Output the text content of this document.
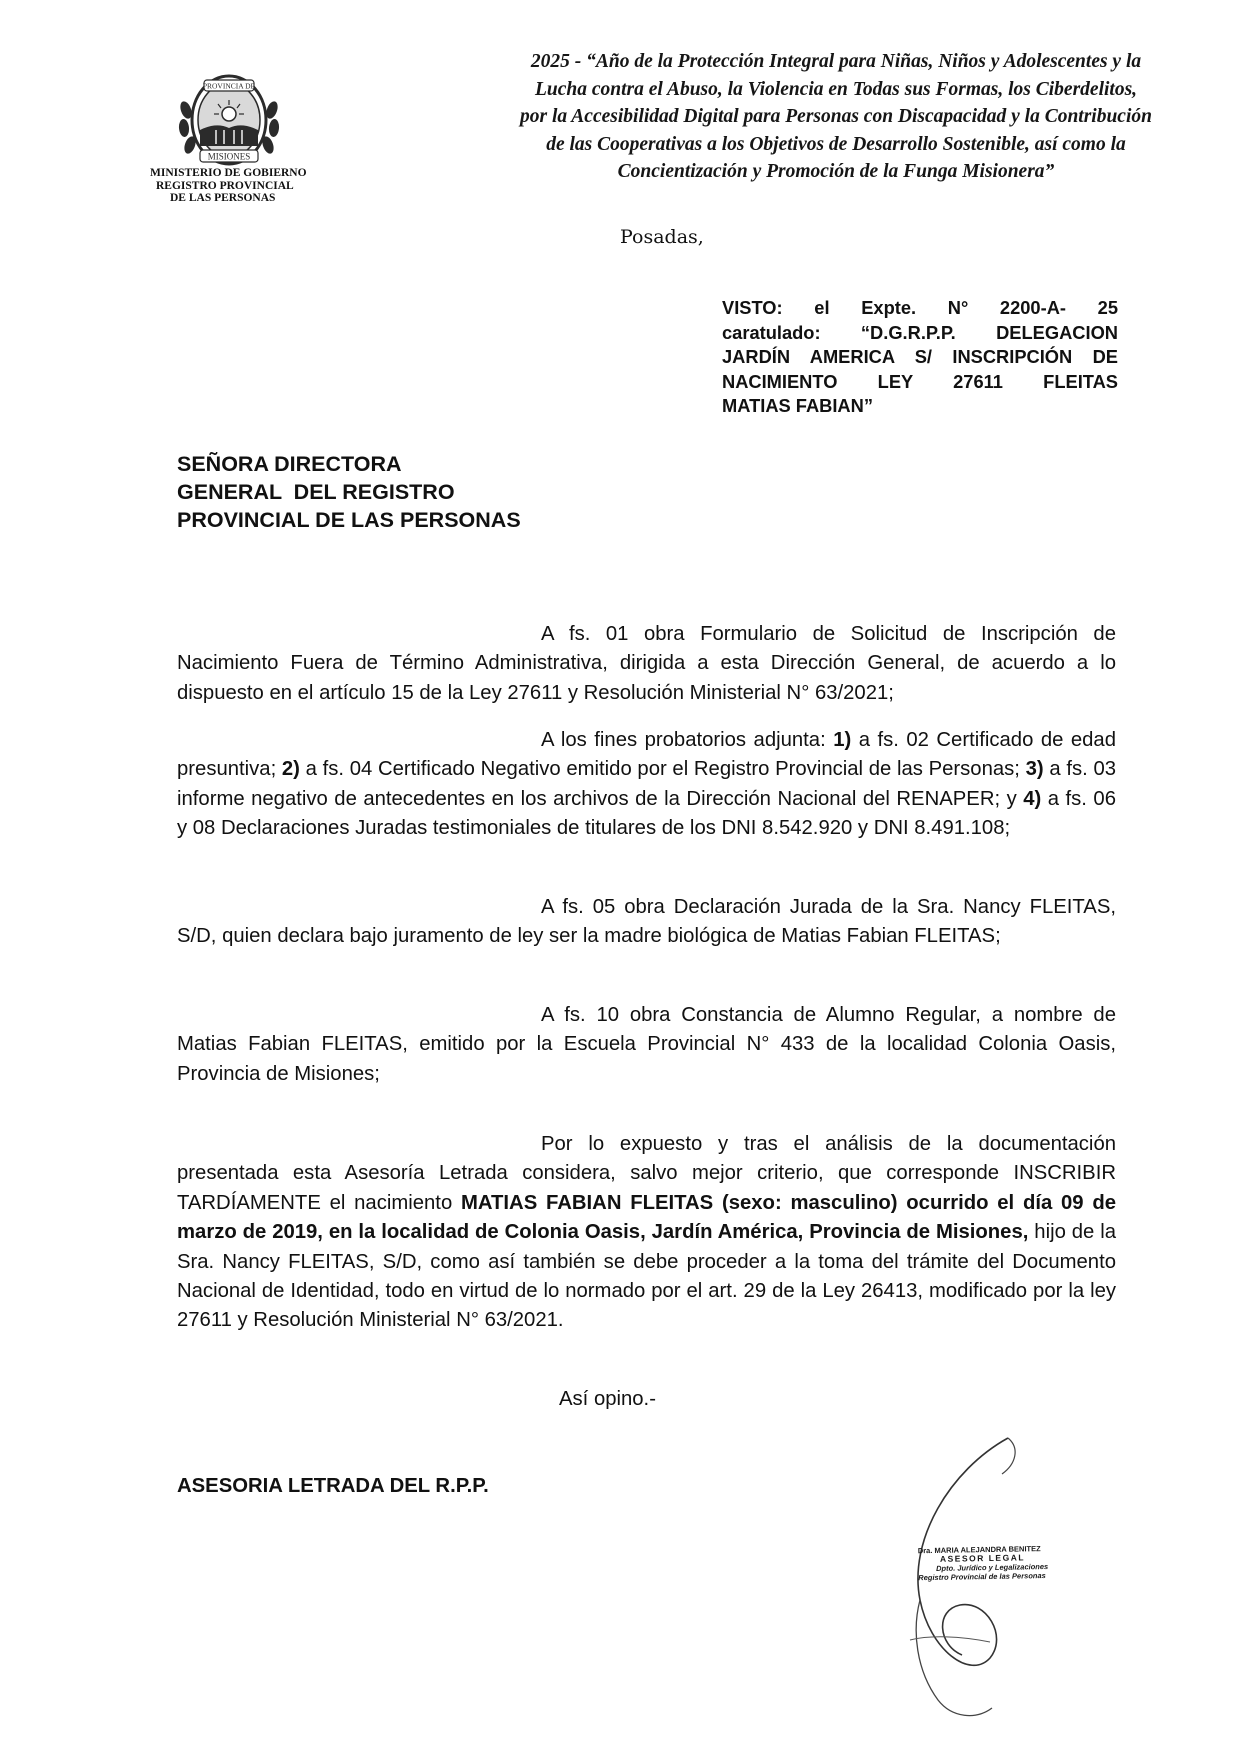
PROVINCIA DE
MISIONES
MINISTERIO DE GOBIERNO
REGISTRO PROVINCIAL
DE LAS PERSONAS
2025 - “Año de la Protección Integral para Niñas, Niños y Adolescentes y la
Lucha contra el Abuso, la Violencia en Todas sus Formas, los Ciberdelitos,
por la Accesibilidad Digital para Personas con Discapacidad y la Contribución
de las Cooperativas a los Objetivos de Desarrollo Sostenible, así como la
Concientización y Promoción de la Funga Misionera”
Posadas,
VISTO: el Expte. N° 2200-A- 25
caratulado: “D.G.R.P.P. DELEGACION
JARDÍN AMERICA S/ INSCRIPCIÓN DE
NACIMIENTO LEY 27611 FLEITAS
MATIAS FABIAN”
SEÑORA DIRECTORA
GENERAL  DEL REGISTRO
PROVINCIAL DE LAS PERSONAS

A fs. 01 obra Formulario de Solicitud de Inscripción de Nacimiento Fuera de Término Administrativa, dirigida a esta Dirección General, de acuerdo a lo dispuesto en el artículo 15 de la Ley 27611 y Resolución Ministerial N° 63/2021;

A los fines probatorios adjunta: 1) a fs. 02 Certificado de edad presuntiva; 2) a fs. 04 Certificado Negativo emitido por el Registro Provincial de las Personas; 3) a fs. 03 informe negativo de antecedentes en los archivos de la Dirección Nacional del RENAPER; y 4) a fs. 06 y 08 Declaraciones Juradas testimoniales de titulares de los DNI 8.542.920 y DNI 8.491.108;

A fs. 05 obra Declaración Jurada de la Sra. Nancy FLEITAS, S/D, quien declara bajo juramento de ley ser la madre biológica de Matias Fabian FLEITAS;

A fs. 10 obra Constancia de Alumno Regular, a nombre de Matias Fabian FLEITAS, emitido por la Escuela Provincial N° 433 de la localidad Colonia Oasis, Provincia de Misiones;

Por lo expuesto y tras el análisis de la documentación presentada esta Asesoría Letrada considera, salvo mejor criterio, que corresponde INSCRIBIR TARDÍAMENTE el nacimiento MATIAS FABIAN FLEITAS (sexo: masculino) ocurrido el día 09 de marzo de 2019, en la localidad de Colonia Oasis, Jardín América, Provincia de Misiones, hijo de la Sra. Nancy FLEITAS, S/D, como así también se debe proceder a la toma del trámite del Documento Nacional de Identidad, todo en virtud de lo normado por el art. 29 de la Ley 26413, modificado por la ley 27611 y Resolución Ministerial N° 63/2021.

Así opino.-
ASESORIA LETRADA DEL R.P.P.
Dra. MARIA ALEJANDRA BENITEZ
ASESOR LEGAL
Dpto. Jurídico y Legalizaciones
Registro Provincial de las Personas
